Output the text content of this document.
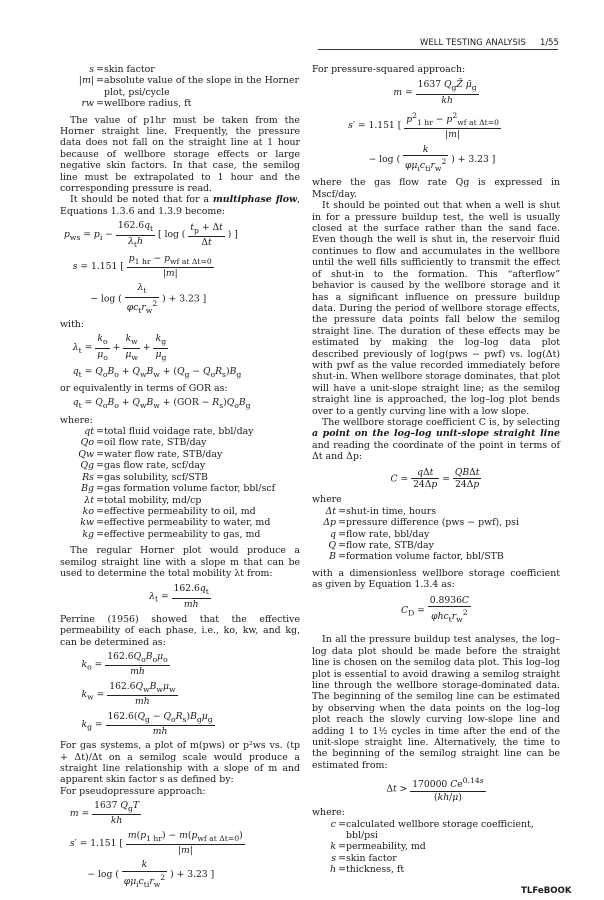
WELL TESTING ANALYSIS 1/55
s = skin factor
|m| = absolute value of the slope in the Horner plot, psi/cycle
rw = wellbore radius, ft

The value of p1hr must be taken from the Horner straight line. Frequently, the pressure data does not fall on the straight line at 1 hour because of wellbore storage effects or large negative skin factors. In that case, the semilog line must be extrapolated to 1 hour and the corresponding pressure is read.

It should be noted that for a multiphase flow, Equations 1.3.6 and 1.3.9 become:

$p_{ws} = p_i - \frac{162.6q_t}{\lambda_th}$ [ log ( $\frac{t_p + \Delta t}{\Delta t}$ ) ]
s = 1.151 [ $\frac{p_{1 hr} - p_{wf at \Delta t=0}}{|m|}$
− log ( $\frac{\lambda_t}{\varphi c_tr_w^2}$ ) + 3.23 ]

with:

$\lambda_t = \frac{k_o}{\mu_o} + \frac{k_w}{\mu_w} + \frac{k_g}{\mu_g}$
$q_t = Q_oB_o + Q_wB_w + (Q_g - Q_oR_s)B_g$

or equivalently in terms of GOR as:

$q_t = Q_oB_o + Q_wB_w + (GOR - R_s)Q_oB_g$

where:

qt = total fluid voidage rate, bbl/day
Qo = oil flow rate, STB/day
Qw = water flow rate, STB/day
Qg = gas flow rate, scf/day
Rs = gas solubility, scf/STB
Bg = gas formation volume factor, bbl/scf
λt = total mobility, md/cp
ko = effective permeability to oil, md
kw = effective permeability to water, md
kg = effective permeability to gas, md

The regular Horner plot would produce a semilog straight line with a slope m that can be used to determine the total mobility λt from:

$\lambda_t = \frac{162.6q_t}{mh}$

Perrine (1956) showed that the effective permeability of each phase, i.e., ko, kw, and kg, can be determined as:

$k_o = \frac{162.6Q_oB_o\mu_o}{mh}$
$k_w = \frac{162.6Q_wB_w\mu_w}{mh}$
$k_g = \frac{162.6(Q_g - Q_oR_s)B_g\mu_g}{mh}$

For gas systems, a plot of m(pws) or p²ws vs. (tp + Δt)/Δt on a semilog scale would produce a straight line relationship with a slope of m and apparent skin factor s as defined by:

For pseudopressure approach:

$m = \frac{1637 Q_gT}{kh}$
s′ = 1.151 [ $\frac{m(p_{1 hr}) - m(p_{wf at \Delta t=0})}{|m|}$
− log ( $\frac{k}{\varphi\mu_ic_{ti}r_w^2}$ ) + 3.23 ]

For pressure-squared approach:

$m = \frac{1637 Q_gZ̄ \mū_g}{kh}$
s′ = 1.151 [ $\frac{p^2_{1 hr} - p^2_{wf at \Delta t=0}}{|m|}$
− log ( $\frac{k}{\varphi\mu_ic_{ti}r_w^2}$ ) + 3.23 ]

where the gas flow rate Qg is expressed in Mscf/day.

It should be pointed out that when a well is shut in for a pressure buildup test, the well is usually closed at the surface rather than the sand face. Even though the well is shut in, the reservoir fluid continues to flow and accumulates in the wellbore until the well fills sufficiently to transmit the effect of shut-in to the formation. This “afterflow” behavior is caused by the wellbore storage and it has a significant influence on pressure buildup data. During the period of wellbore storage effects, the pressure data points fall below the semilog straight line. The duration of these effects may be estimated by making the log–log data plot described previously of log(pws − pwf) vs. log(Δt) with pwf as the value recorded immediately before shut-in. When wellbore storage dominates, that plot will have a unit-slope straight line; as the semilog straight line is approached, the log–log plot bends over to a gently curving line with a low slope.

The wellbore storage coefficient C is, by selecting a point on the log–log unit-slope straight line and reading the coordinate of the point in terms of Δt and Δp:

$C = \frac{\text{qΔt}}{24\Delta p} = \frac{\text{QBΔt}}{24\Delta p}$

where

Δt = shut-in time, hours
Δp = pressure difference (pws − pwf), psi
q = flow rate, bbl/day
Q = flow rate, STB/day
B = formation volume factor, bbl/STB

with a dimensionless wellbore storage coefficient as given by Equation 1.3.4 as:

$C_D = \frac{0.8936C}{\varphi hc_tr_w^2}$

In all the pressure buildup test analyses, the log–log data plot should be made before the straight line is chosen on the semilog data plot. This log–log plot is essential to avoid drawing a semilog straight line through the wellbore storage-dominated data. The beginning of the semilog line can be estimated by observing when the data points on the log–log plot reach the slowly curving low-slope line and adding 1 to 1½ cycles in time after the end of the unit-slope straight line. Alternatively, the time to the beginning of the semilog straight line can be estimated from:

$\Delta t > \frac{170000 Ce^{0.14s}}{(kh/\mu)}$

where:

c = calculated wellbore storage coefficient, bbl/psi
k = permeability, md
s = skin factor
h = thickness, ft
TLFeBOOK
